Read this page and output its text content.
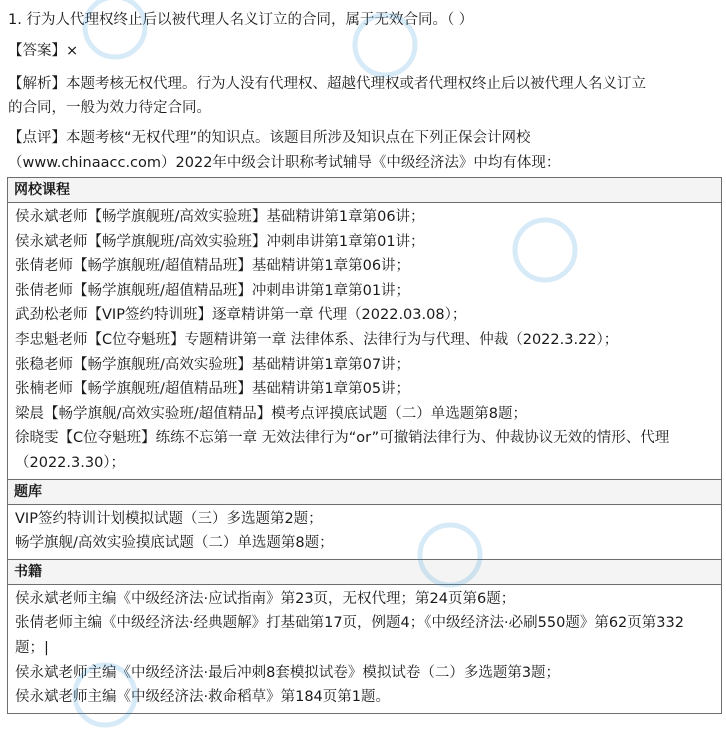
1. 行为人代理权终止后以被代理人名义订立的合同，属于无效合同。（ ）
【答案】×
【解析】本题考核无权代理。行为人没有代理权、超越代理权或者代理权终止后以被代理人名义订立
的合同，一般为效力待定合同。
【点评】本题考核“无权代理”的知识点。该题目所涉及知识点在下列正保会计网校
（www.chinaacc.com）2022年中级会计职称考试辅导《中级经济法》中均有体现：
网校课程
侯永斌老师【畅学旗舰班/高效实验班】基础精讲第1章第06讲；
侯永斌老师【畅学旗舰班/高效实验班】冲刺串讲第1章第01讲；
张倩老师【畅学旗舰班/超值精品班】基础精讲第1章第06讲；
张倩老师【畅学旗舰班/超值精品班】冲刺串讲第1章第01讲；
武劲松老师【VIP签约特训班】逐章精讲第一章 代理（2022.03.08）；
李忠魁老师【C位夺魁班】专题精讲第一章 法律体系、法律行为与代理、仲裁（2022.3.22）；
张稳老师【畅学旗舰班/高效实验班】基础精讲第1章第07讲；
张楠老师【畅学旗舰班/超值精品班】基础精讲第1章第05讲；
梁晨【畅学旗舰/高效实验班/超值精品】模考点评摸底试题（二）单选题第8题；
徐晓雯【C位夺魁班】练练不忘第一章 无效法律行为“or”可撤销法律行为、仲裁协议无效的情形、代理（2022.3.30）；
题库
VIP签约特训计划模拟试题（三）多选题第2题；
畅学旗舰/高效实验摸底试题（二）单选题第8题；
书籍
侯永斌老师主编《中级经济法·应试指南》第23页，无权代理；第24页第6题；
张倩老师主编《中级经济法·经典题解》打基础第17页，例题4；《中级经济法·必刷550题》第62页第332题；|
侯永斌老师主编《中级经济法·最后冲刺8套模拟试卷》模拟试卷（二）多选题第3题；
侯永斌老师主编《中级经济法·救命稻草》第184页第1题。
